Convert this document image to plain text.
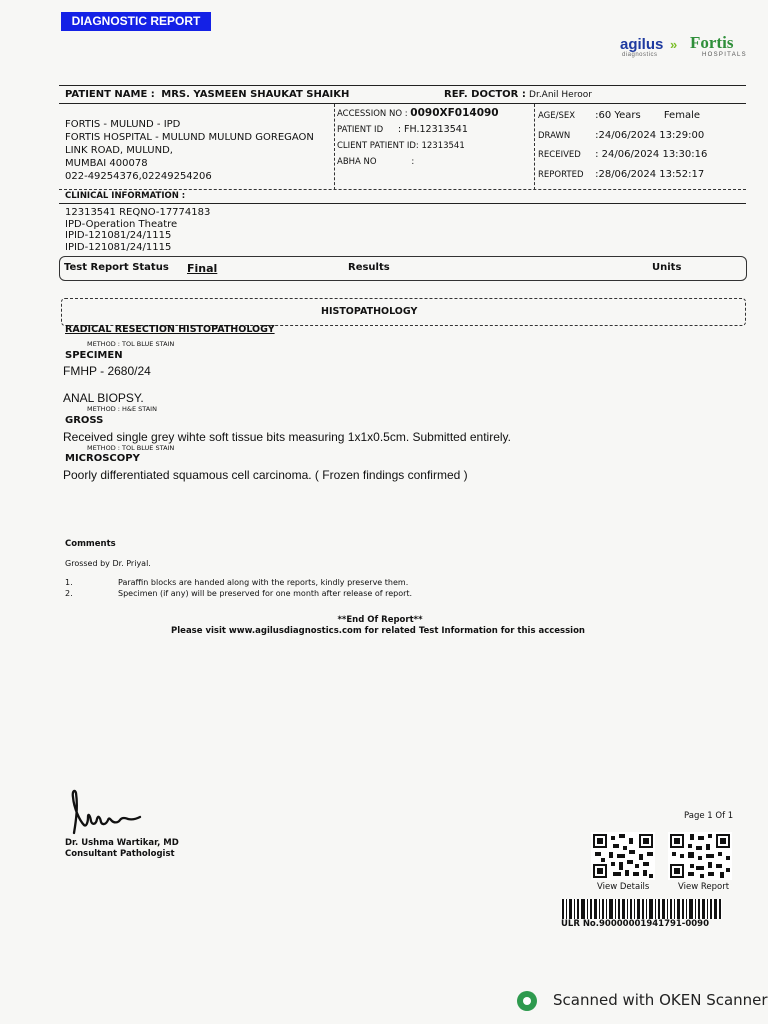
DIAGNOSTIC REPORT
agilus
diagnostics
» Fortis
HOSPITALS
PATIENT NAME : MRS. YASMEEN SHAUKAT SHAIKH	REF. DOCTOR : Dr.Anil Heroor
FORTIS - MULUND - IPD
FORTIS HOSPITAL - MULUND MULUND GOREGAON
LINK ROAD, MULUND,
MUMBAI 400078
022-49254376,02249254206
ACCESSION NO : 0090XF014090
PATIENT ID : FH.12313541
CLIENT PATIENT ID: 12313541
ABHA NO	:
AGE/SEX :60 Years Female
DRAWN :24/06/2024 13:29:00
RECEIVED : 24/06/2024 13:30:16
REPORTED :28/06/2024 13:52:17
CLINICAL INFORMATION :
12313541 REQNO-17774183
IPD-Operation Theatre
IPID-121081/24/1115
IPID-121081/24/1115
Test Report Status Final	Results	Units
HISTOPATHOLOGY
RADICAL RESECTION HISTOPATHOLOGY
METHOD : TOL BLUE STAIN
SPECIMEN
FMHP - 2680/24
ANAL BIOPSY.
METHOD : H&E STAIN
GROSS
Received single grey wihte soft tissue bits measuring 1x1x0.5cm. Submitted entirely.
METHOD : TOL BLUE STAIN
MICROSCOPY
Poorly differentiated squamous cell carcinoma. ( Frozen findings confirmed )
Comments
Grossed by Dr. Priyal.
1.	Paraffin blocks are handed along with the reports, kindly preserve them.
2.	Specimen (if any) will be preserved for one month after release of report.
**End Of Report**
Please visit www.agilusdiagnostics.com for related Test Information for this accession
Dr. Ushma Wartikar, MD
Consultant Pathologist
Page 1 Of 1
View Details	View Report
ULR No.90000001941791-0090
Scanned with OKEN Scanner
